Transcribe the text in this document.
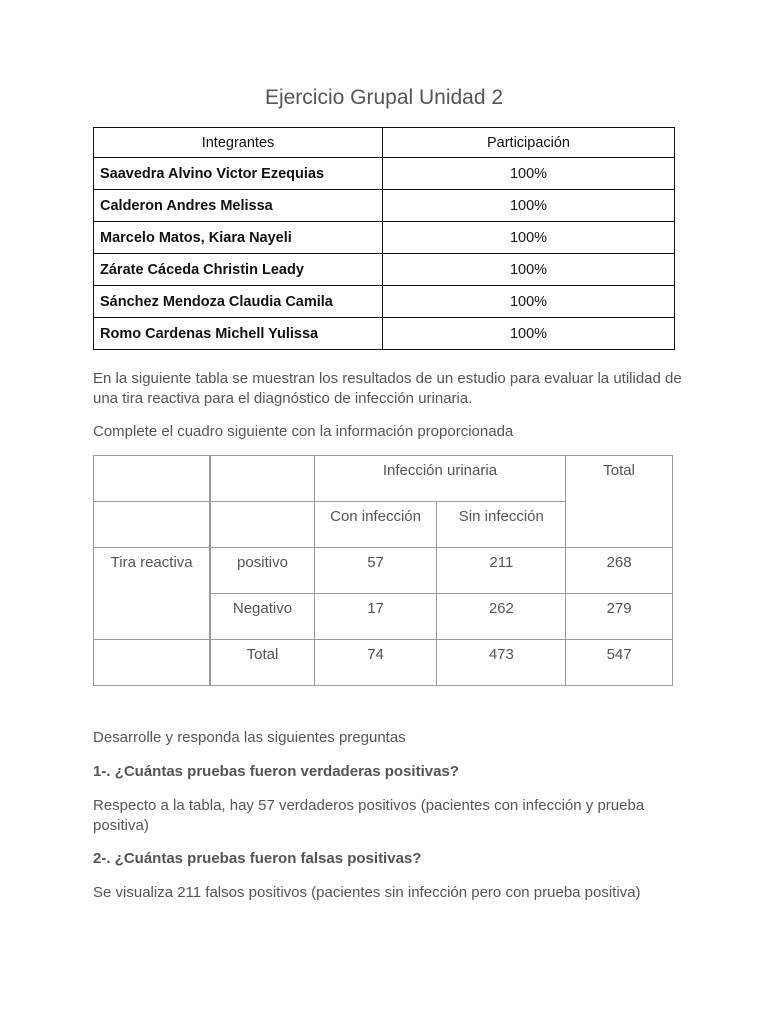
Ejercicio Grupal Unidad 2
Integrantes	Participación
Saavedra Alvino Victor Ezequias	100%
Calderon Andres Melissa	100%
Marcelo Matos, Kiara Nayeli	100%
Zárate Cáceda Christin Leady	100%
Sánchez Mendoza Claudia Camila	100%
Romo Cardenas Michell Yulissa	100%

En la siguiente tabla se muestran los resultados de un estudio para evaluar la utilidad de una tira reactiva para el diagnóstico de infección urinaria.

Complete el cuadro siguiente con la información proporcionada

		Infección urinaria		Total
		Con infección	Sin infección	
Tira reactiva	positivo	57	211	268
	Negativo	17	262	279
	Total	74	473	547

Desarrolle y responda las siguientes preguntas

1-. ¿Cuántas pruebas fueron verdaderas positivas?

Respecto a la tabla, hay 57 verdaderos positivos (pacientes con infección y prueba positiva)

2-. ¿Cuántas pruebas fueron falsas positivas?

Se visualiza 211 falsos positivos (pacientes sin infección pero con prueba positiva)
